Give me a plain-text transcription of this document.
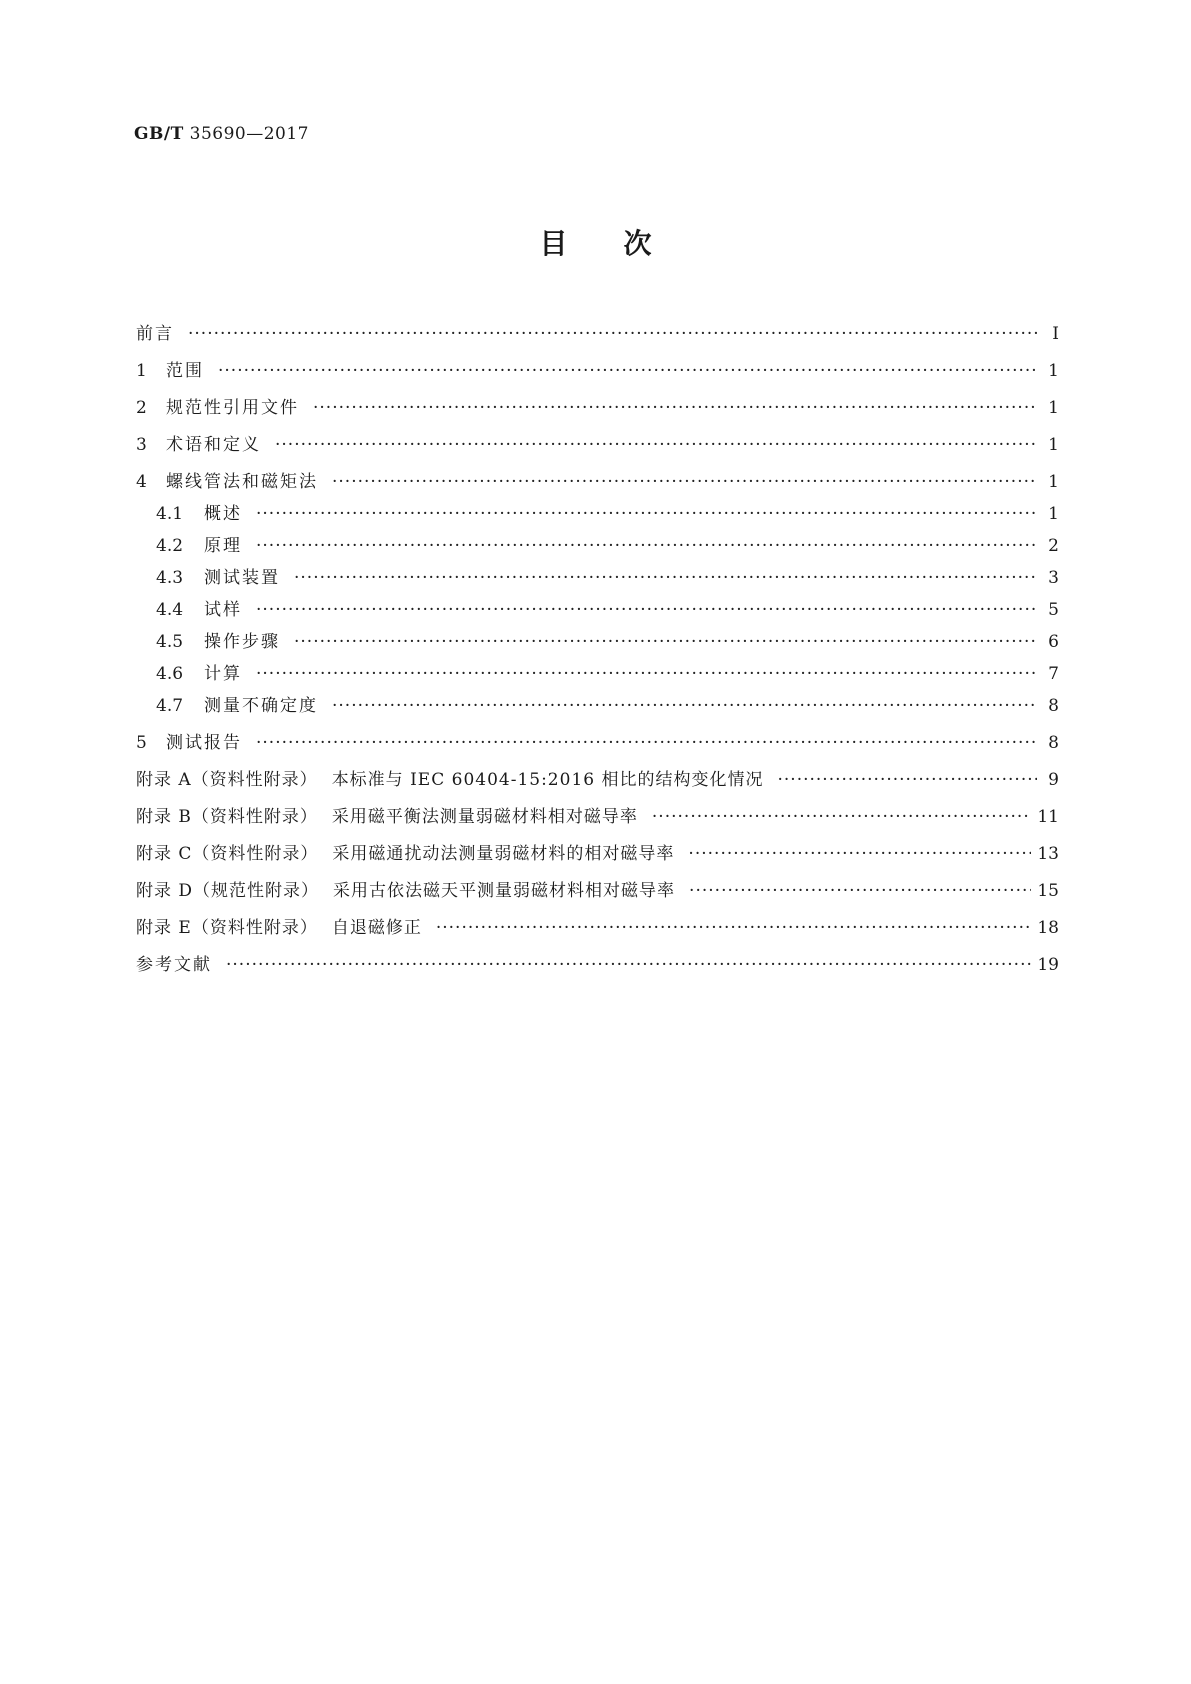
GB/T 35690—2017
目次
前言 ·····	Ⅰ
1	范围 ·····	1
2	规范性引用文件 ·····	1
3	术语和定义 ·····	1
4	螺线管法和磁矩法 ·····	1
4.1	概述 ·····	1
4.2	原理 ·····	2
4.3	测试装置 ·····	3
4.4	试样 ·····	5
4.5	操作步骤 ·····	6
4.6	计算 ·····	7
4.7	测量不确定度 ·····	8
5	测试报告 ·····	8
附录 A（资料性附录） 本标准与 IEC 60404-15:2016 相比的结构变化情况 ·····	9
附录 B（资料性附录） 采用磁平衡法测量弱磁材料相对磁导率 ·····	11
附录 C（资料性附录） 采用磁通扰动法测量弱磁材料的相对磁导率 ·····	13
附录 D（规范性附录） 采用古依法磁天平测量弱磁材料相对磁导率 ·····	15
附录 E（资料性附录） 自退磁修正 ·····	18
参考文献 ·····	19
